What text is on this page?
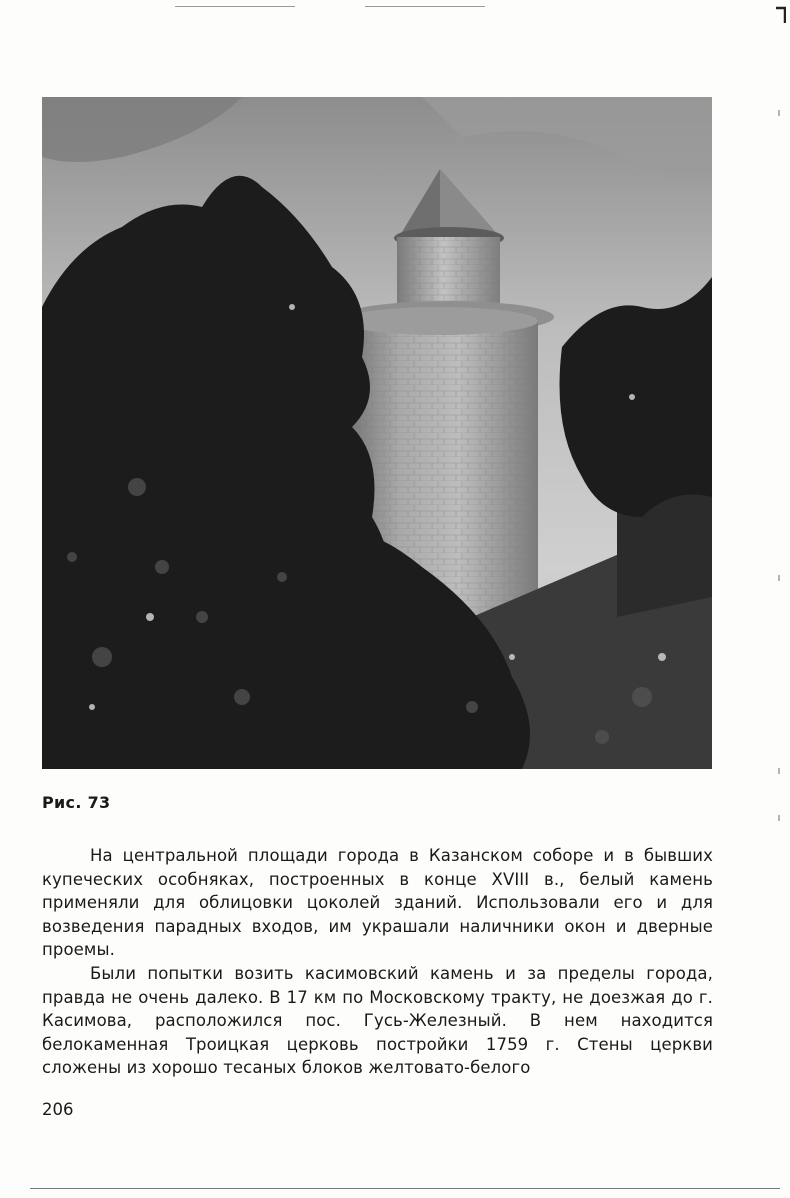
Рис. 73

На центральной площади города в Казанском соборе и в бывших купеческих особняках, построенных в конце XVIII в., белый камень применяли для облицовки цоколей зданий. Использовали его и для возведения парадных входов, им украшали наличники окон и дверные проемы.

Были попытки возить касимовский камень и за пределы города, правда не очень далеко. В 17 км по Московскому тракту, не доезжая до г. Касимова, расположился пос. Гусь-Железный. В нем находится белокаменная Троицкая церковь постройки 1759 г. Стены церкви сложены из хорошо тесаных блоков желтовато-белого

206
